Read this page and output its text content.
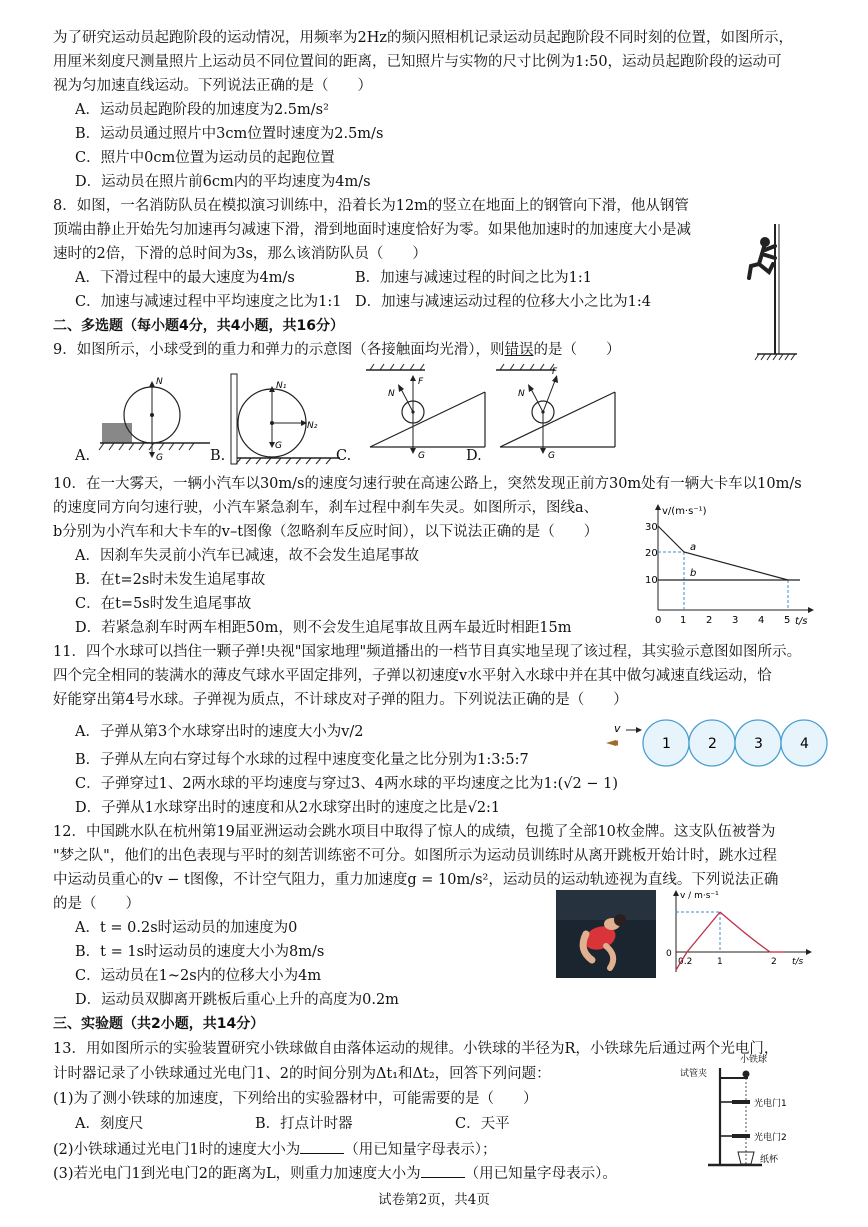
为了研究运动员起跑阶段的运动情况，用频率为2Hz的频闪照相机记录运动员起跑阶段不同时刻的位置，如图所示，
用厘米刻度尺测量照片上运动员不同位置间的距离，已知照片与实物的尺寸比例为1:50，运动员起跑阶段的运动可
视为匀加速直线运动。下列说法正确的是（　　）
A．运动员起跑阶段的加速度为2.5m/s²
B．运动员通过照片中3cm位置时速度为2.5m/s
C．照片中0cm位置为运动员的起跑位置
D．运动员在照片前6cm内的平均速度为4m/s
8．如图，一名消防队员在模拟演习训练中，沿着长为12m的竖立在地面上的钢管向下滑，他从钢管
顶端由静止开始先匀加速再匀减速下滑，滑到地面时速度恰好为零。如果他加速时的加速度大小是减
速时的2倍，下滑的总时间为3s，那么该消防队员（　　）
A．下滑过程中的最大速度为4m/s	B．加速与减速过程的时间之比为1:1
C．加速与减速过程中平均速度之比为1:1 D．加速与减速运动过程的位移大小之比为1:4
二、多选题（每小题4分，共4小题，共16分）
9．如图所示，小球受到的重力和弹力的示意图（各接触面均光滑），则错误的是（　　）
N
G
A.
N₁
N₂
G
B.
F
N
G
C.
F
N
G
D.
10．在一大雾天，一辆小汽车以30m/s的速度匀速行驶在高速公路上，突然发现正前方30m处有一辆大卡车以10m/s
的速度同方向匀速行驶，小汽车紧急刹车，刹车过程中刹车失灵。如图所示，图线a、
b分别为小汽车和大卡车的v–t图像（忽略刹车反应时间），以下说法正确的是（　　）
A．因刹车失灵前小汽车已减速，故不会发生追尾事故
B．在t=2s时未发生追尾事故
C．在t=5s时发生追尾事故
D．若紧急刹车时两车相距50m，则不会发生追尾事故且两车最近时相距15m
v/(m·s⁻¹)
t/s
30
20
10
0 1 2 3 4 5
a
b
11．四个水球可以挡住一颗子弹!央视"国家地理"频道播出的一档节目真实地呈现了该过程，其实验示意图如图所示。
四个完全相同的装满水的薄皮气球水平固定排列，子弹以初速度v水平射入水球中并在其中做匀减速直线运动，恰
好能穿出第4号水球。子弹视为质点，不计球皮对子弹的阻力。下列说法正确的是（　　）
A．子弹从第3个水球穿出时的速度大小为v/2
B．子弹从左向右穿过每个水球的过程中速度变化量之比分别为1:3:5:7
C．子弹穿过1、2两水球的平均速度与穿过3、4两水球的平均速度之比为1:(√2 − 1)
D．子弹从1水球穿出时的速度和从2水球穿出时的速度之比是√2:1
v
1	2	3	4
12．中国跳水队在杭州第19届亚洲运动会跳水项目中取得了惊人的成绩，包揽了全部10枚金牌。这支队伍被誉为
"梦之队"，他们的出色表现与平时的刻苦训练密不可分。如图所示为运动员训练时从离开跳板开始计时，跳水过程
中运动员重心的v − t图像，不计空气阻力，重力加速度g = 10m/s²，运动员的运动轨迹视为直线。下列说法正确
的是（　　）
A．t = 0.2s时运动员的加速度为0
B．t = 1s时运动员的速度大小为8m/s
C．运动员在1~2s内的位移大小为4m
D．运动员双脚离开跳板后重心上升的高度为0.2m
v / m·s⁻¹
t/s
0
0.2	1	2
三、实验题（共2小题，共14分）
13．用如图所示的实验装置研究小铁球做自由落体运动的规律。小铁球的半径为R，小铁球先后通过两个光电门，
计时器记录了小铁球通过光电门1、2的时间分别为Δt₁和Δt₂，回答下列问题：
(1)为了测小铁球的加速度，下列给出的实验器材中，可能需要的是（　　）
A．刻度尺	B．打点计时器	C．天平
(2)小铁球通过光电门1时的速度大小为	（用已知量字母表示）；
小铁球
试管夹
光电门1
光电门2
纸杯
试卷第2页，共4页
(3)若光电门1到光电门2的距离为L，则重力加速度大小为	（用已知量字母表示）。
